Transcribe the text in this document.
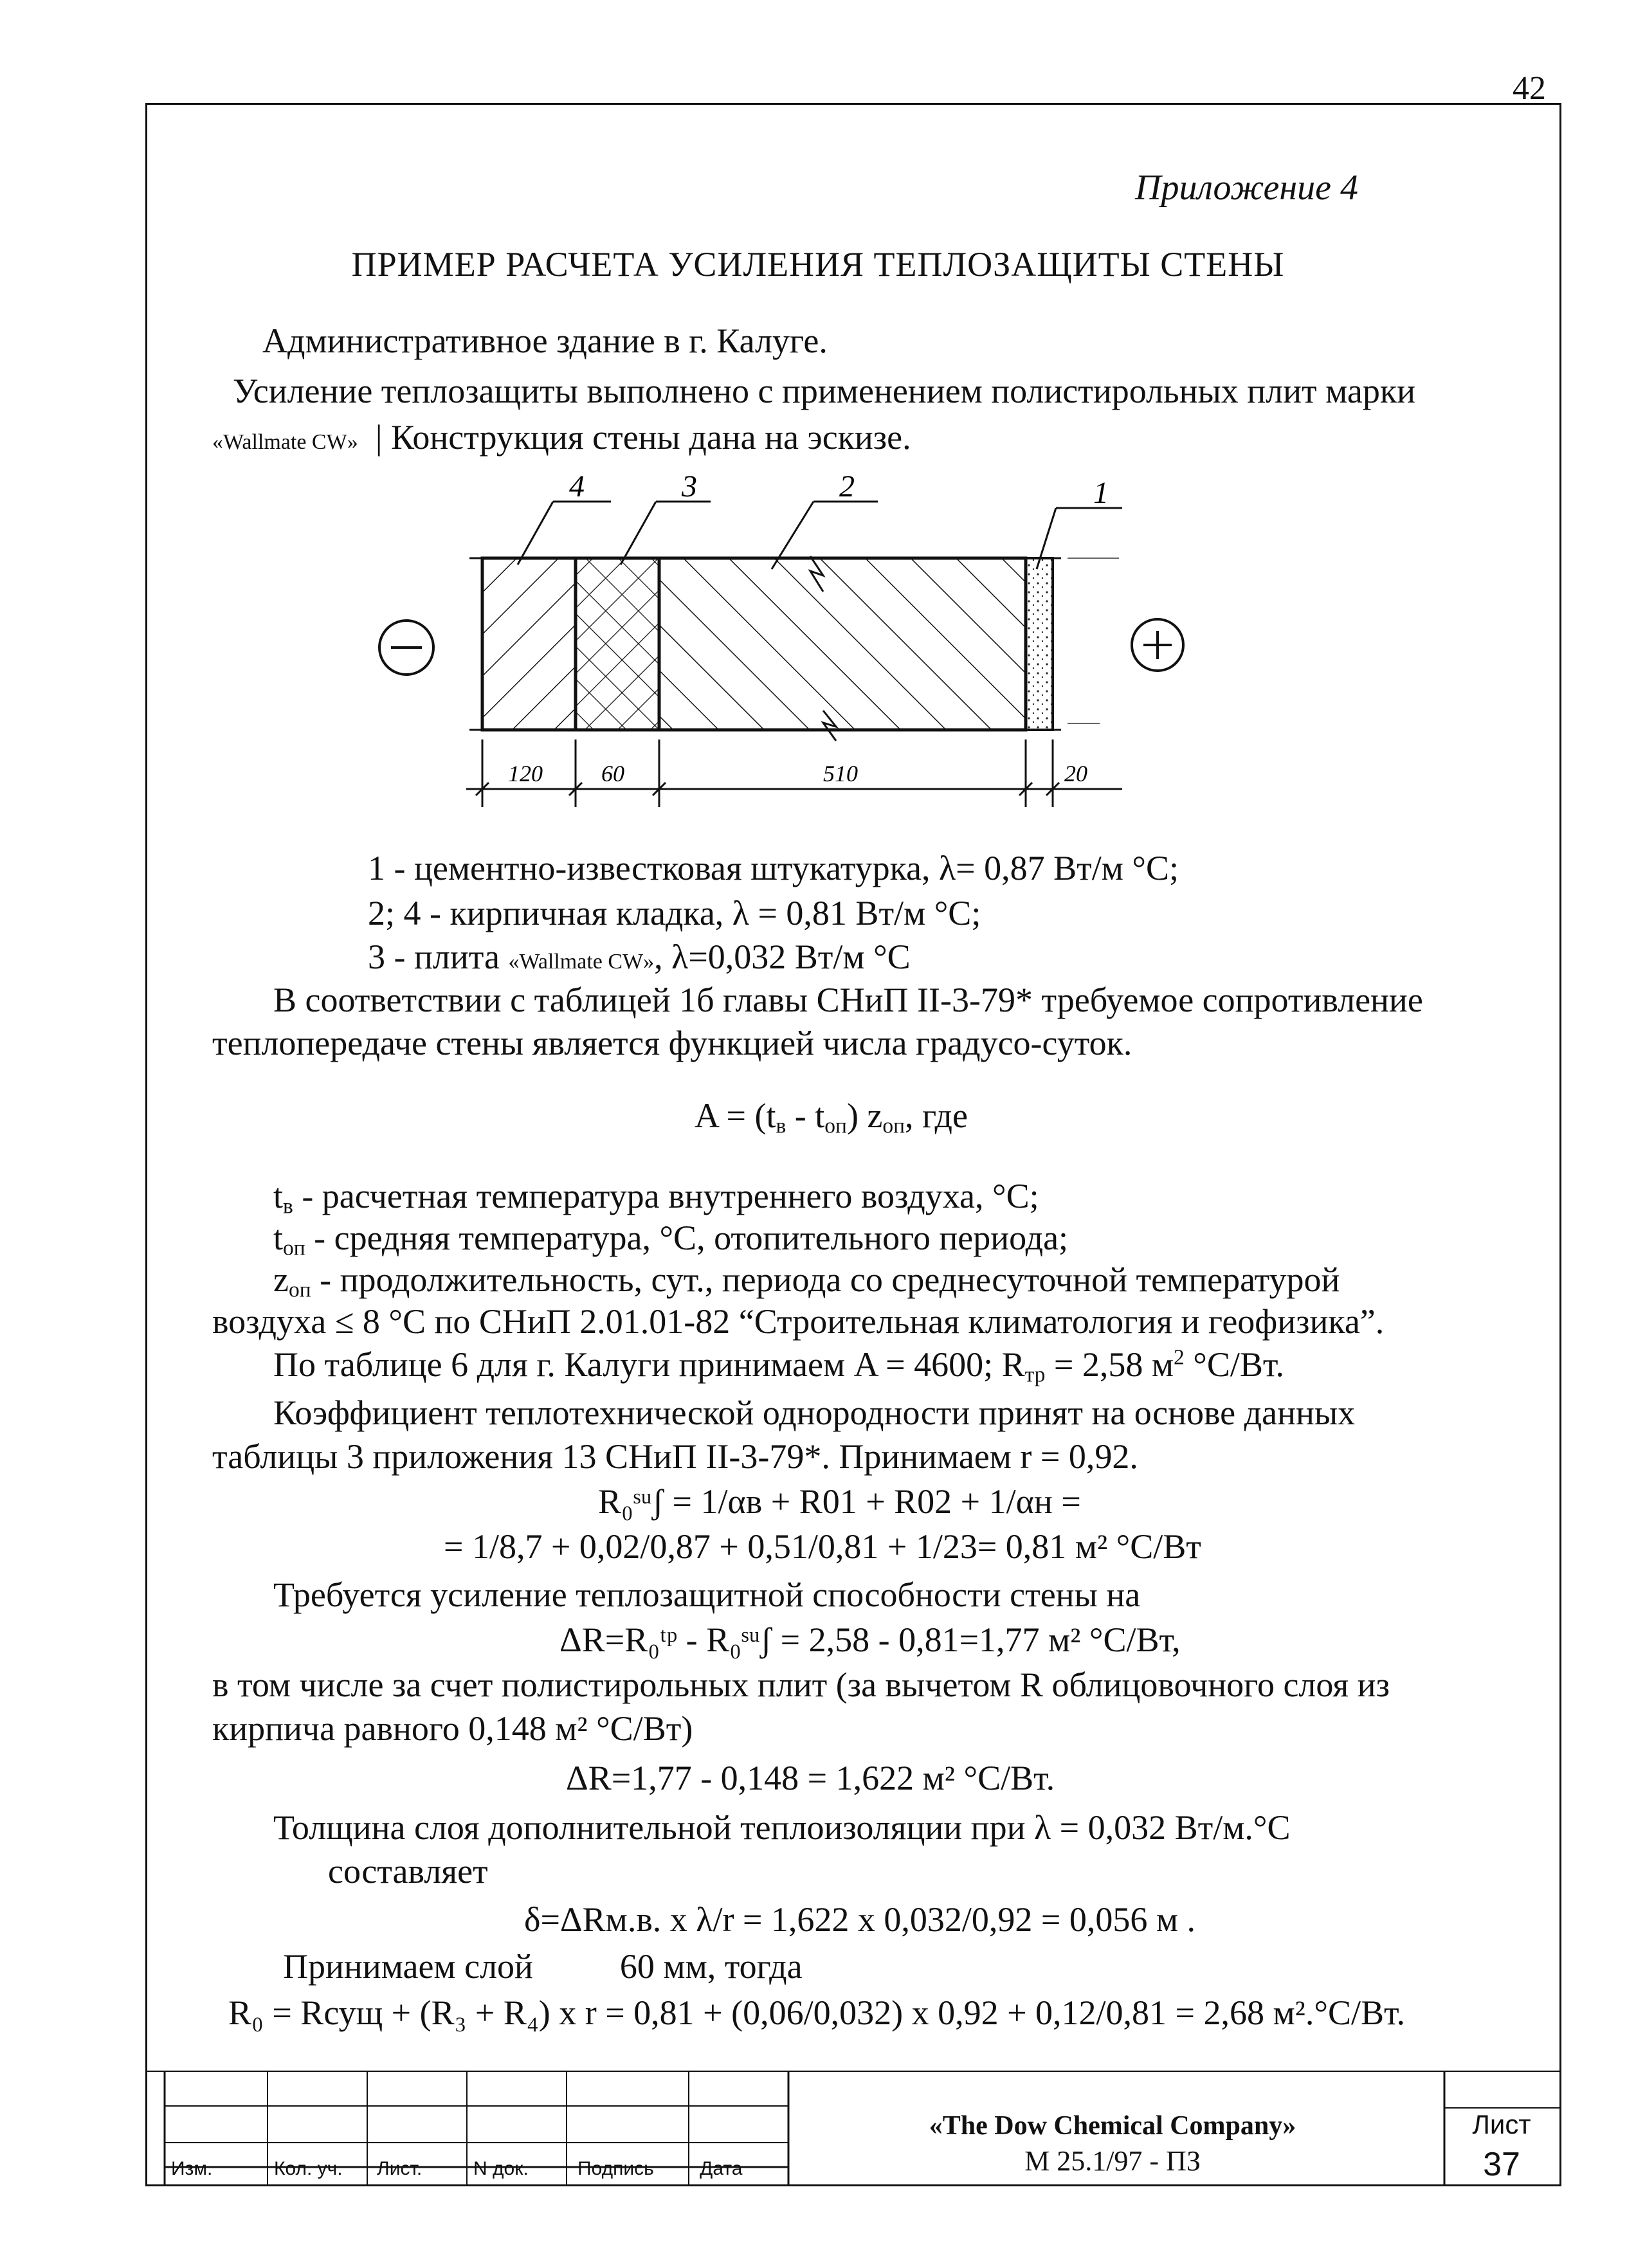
42
Приложение 4
ПРИМЕР РАСЧЕТА УСИЛЕНИЯ ТЕПЛОЗАЩИТЫ СТЕНЫ
Административное здание в г. Калуге.
Усиление теплозащиты выполнено с применением полистирольных плит марки
«Wallmate CW»  | Конструкция стены дана на эскизе.
4	3	2	1
120	60	510	20
1 - цементно-известковая штукатурка, λ= 0,87 Вт/м °С;
2; 4 - кирпичная кладка, λ = 0,81 Вт/м °С;
3 - плита «Wallmate CW», λ=0,032 Вт/м °С
В соответствии с таблицей 1б главы СНиП II-3-79* требуемое сопротивление
теплопередаче стены является функцией числа градусо-суток.
$A = (t_в - t_{оп})$ $z_{оп}$, где
$t_в$ - расчетная температура внутреннего воздуха, °С;
$t_{оп}$ - средняя температура, °С, отопительного периода;
$z_{оп}$ - продолжительность, сут., периода со среднесуточной температурой
воздуха ≤ 8 °С по СНиП 2.01.01-82 “Строительная климатология и геофизика”.
По таблице 6 для г. Калуги принимаем A = 4600; $R_{тр} = 2,58$ $м^2$ °С/Вт.
Коэффициент теплотехнической однородности принят на основе данных
таблицы 3 приложения 13 СНиП II-3-79*. Принимаем r = 0,92.
R₀ˢᵘʃ = 1/αв + R01 + R02 + 1/αн =
= 1/8,7 + 0,02/0,87 + 0,51/0,81 + 1/23= 0,81 м² °С/Вт
Требуется усиление теплозащитной способности стены на
ΔR=R₀ᵗᵖ - R₀ˢᵘʃ = 2,58 - 0,81=1,77 м² °С/Вт,
в том числе за счет полистирольных плит (за вычетом R облицовочного слоя из
кирпича равного 0,148 м² °С/Вт)
ΔR=1,77 - 0,148 = 1,622 м² °С/Вт.
Толщина слоя дополнительной теплоизоляции при λ = 0,032 Вт/м.°С
составляет
δ=ΔRм.в. x λ/r = 1,622 x 0,032/0,92 = 0,056 м .
Принимаем слой          60 мм, тогда
R₀ = Rсущ + (R₃ + R₄) x r = 0,81 + (0,06/0,032) x 0,92 + 0,12/0,81 = 2,68 м².°С/Вт.
Изм.	Кол. уч. Лист.	N док.	Подпись Дата
«The Dow Chemical Company»
М 25.1/97 - ПЗ
Лист
37
